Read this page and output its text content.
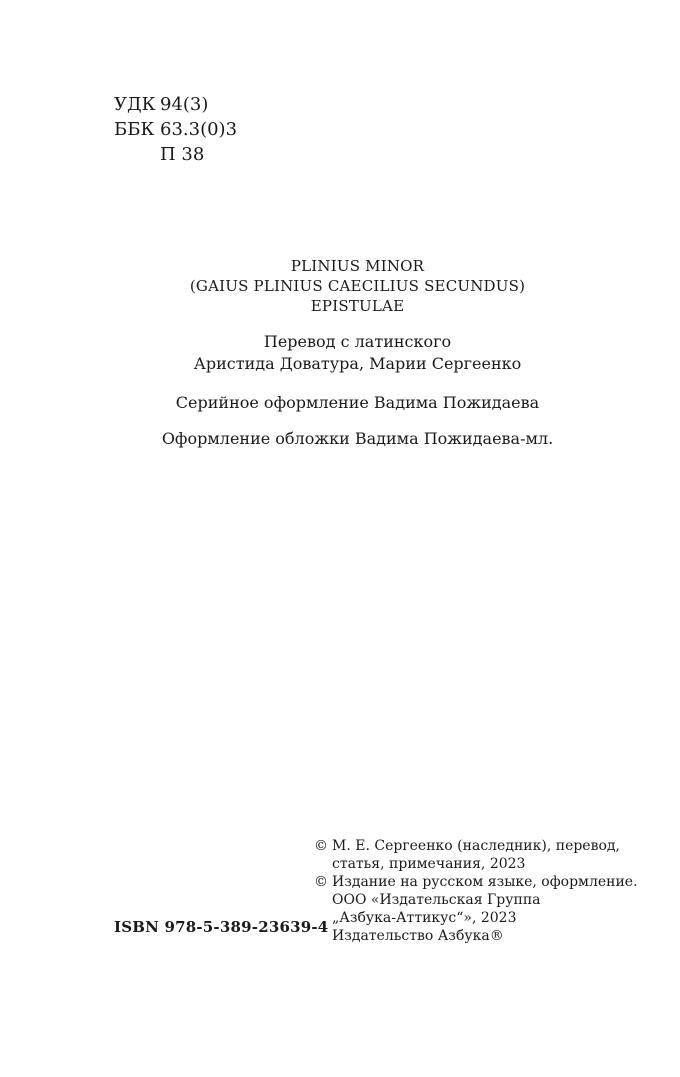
УДК 94(3)
ББК 63.3(0)3
П 38
PLINIUS MINOR
(GAIUS PLINIUS CAECILIUS SECUNDUS)
EPISTULAE
Перевод с латинского
Аристида Доватура, Марии Сергеенко
Серийное оформление Вадима Пожидаева
Оформление обложки Вадима Пожидаева-мл.
ISBN 978-5-389-23639-4
© М. Е. Сергеенко (наследник), перевод,
статья, примечания, 2023
© Издание на русском языке, оформление.
ООО «Издательская Группа
„Азбука-Аттикус“», 2023
Издательство Азбука®
